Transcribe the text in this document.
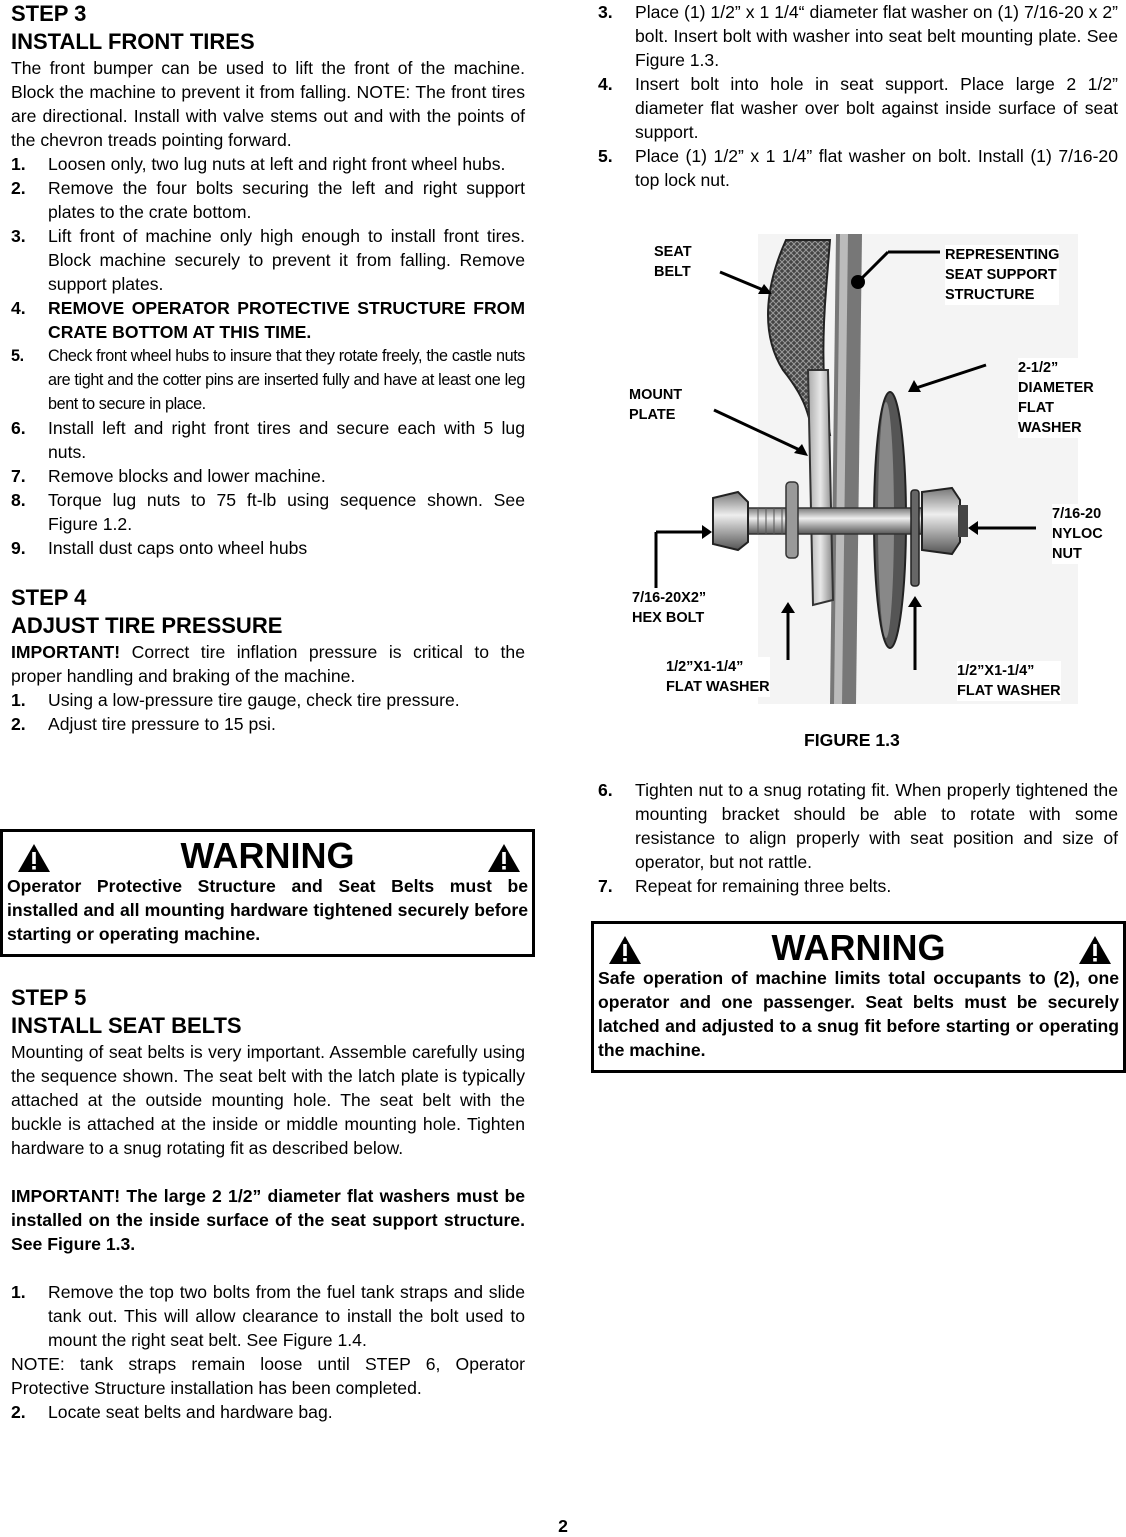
STEP 3
INSTALL FRONT TIRES

The front bumper can be used to lift the front of the machine. Block the machine to prevent it from falling. NOTE: The front tires are directional. Install with valve stems out and with the points of the chevron treads pointing forward.

1. Loosen only, two lug nuts at left and right front wheel hubs.
2. Remove the four bolts securing the left and right support plates to the crate bottom.
3. Lift front of machine only high enough to install front tires. Block machine securely to prevent it from falling. Remove support plates.
4. REMOVE OPERATOR PROTECTIVE STRUCTURE FROM CRATE BOTTOM AT THIS TIME.
5. Check front wheel hubs to insure that they rotate freely, the castle nuts are tight and the cotter pins are inserted fully and have at least one leg bent to secure in place.
6. Install left and right front tires and secure each with 5 lug nuts.
7. Remove blocks and lower machine.
8. Torque lug nuts to 75 ft-lb using sequence shown. See Figure 1.2.
9. Install dust caps onto wheel hubs
STEP 4
ADJUST TIRE PRESSURE

IMPORTANT! Correct tire inflation pressure is critical to the proper handling and braking of the machine.

1. Using a low-pressure tire gauge, check tire pressure.
2. Adjust tire pressure to 15 psi.
WARNING
Operator Protective Structure and Seat Belts must be installed and all mounting hardware tightened securely before starting or operating machine.
STEP 5
INSTALL SEAT BELTS

Mounting of seat belts is very important. Assemble carefully using the sequence shown. The seat belt with the latch plate is typically attached at the outside mounting hole. The seat belt with the buckle is attached at the inside or middle mounting hole. Tighten hardware to a snug rotating fit as described below.

IMPORTANT! The large 2 1/2” diameter flat washers must be installed on the inside surface of the seat support structure. See Figure 1.3.

1. Remove the top two bolts from the fuel tank straps and slide tank out. This will allow clearance to install the bolt used to mount the right seat belt. See Figure 1.4.

NOTE: tank straps remain loose until STEP 6, Operator Protective Structure installation has been completed.

2. Locate seat belts and hardware bag.
3. Place (1) 1/2” x 1 1/4“ diameter flat washer on (1) 7/16-20 x 2” bolt. Insert bolt with washer into seat belt mounting plate. See Figure 1.3.
4. Insert bolt into hole in seat support. Place large 2 1/2” diameter flat washer over bolt against inside surface of seat support.
5. Place (1) 1/2” x 1 1/4” flat washer on bolt. Install (1) 7/16-20 top lock nut.
SEAT
BELT
REPRESENTING
SEAT SUPPORT
STRUCTURE
MOUNT
PLATE
2-1/2”
DIAMETER
FLAT
WASHER
7/16-20
NYLOC
NUT
7/16-20X2”
HEX BOLT
1/2”X1-1/4”
FLAT WASHER
1/2”X1-1/4”
FLAT WASHER
FIGURE 1.3
6. Tighten nut to a snug rotating fit. When properly tightened the mounting bracket should be able to rotate with some resistance to align properly with seat position and size of operator, but not rattle.
7. Repeat for remaining three belts.
WARNING
Safe operation of machine limits total occupants to (2), one operator and one passenger. Seat belts must be securely latched and adjusted to a snug fit before starting or operating the machine.
2
